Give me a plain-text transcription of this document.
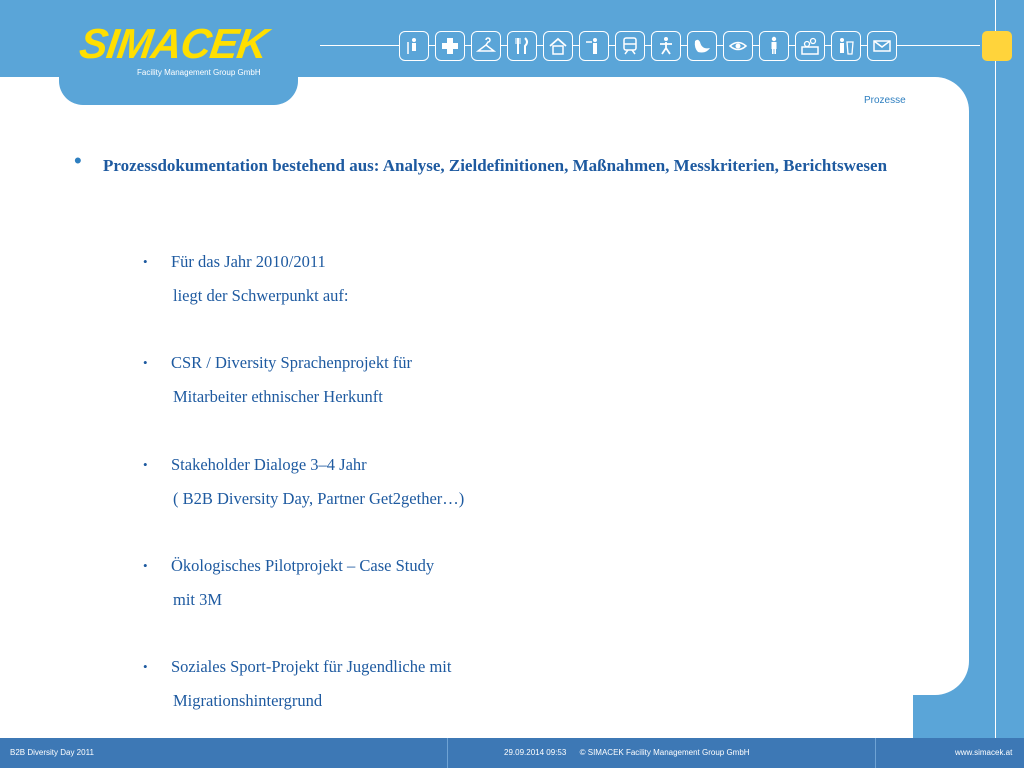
SIMACEK
Facility Management Group GmbH
Prozesse
• Prozessdokumentation bestehend aus: Analyse, Zieldefinitionen, Maßnahmen, Messkriterien, Berichtswesen
• Für das Jahr 2010/2011
liegt der Schwerpunkt auf:
• CSR / Diversity Sprachenprojekt für
Mitarbeiter ethnischer Herkunft
• Stakeholder Dialoge 3–4 Jahr
( B2B Diversity Day, Partner Get2gether…)
• Ökologisches Pilotprojekt – Case Study
mit 3M
• Soziales Sport-Projekt für Jugendliche mit
Migrationshintergrund
B2B Diversity Day 2011	29.09.2014 09:53      © SIMACEK Facility Management Group GmbH	www.simacek.at
